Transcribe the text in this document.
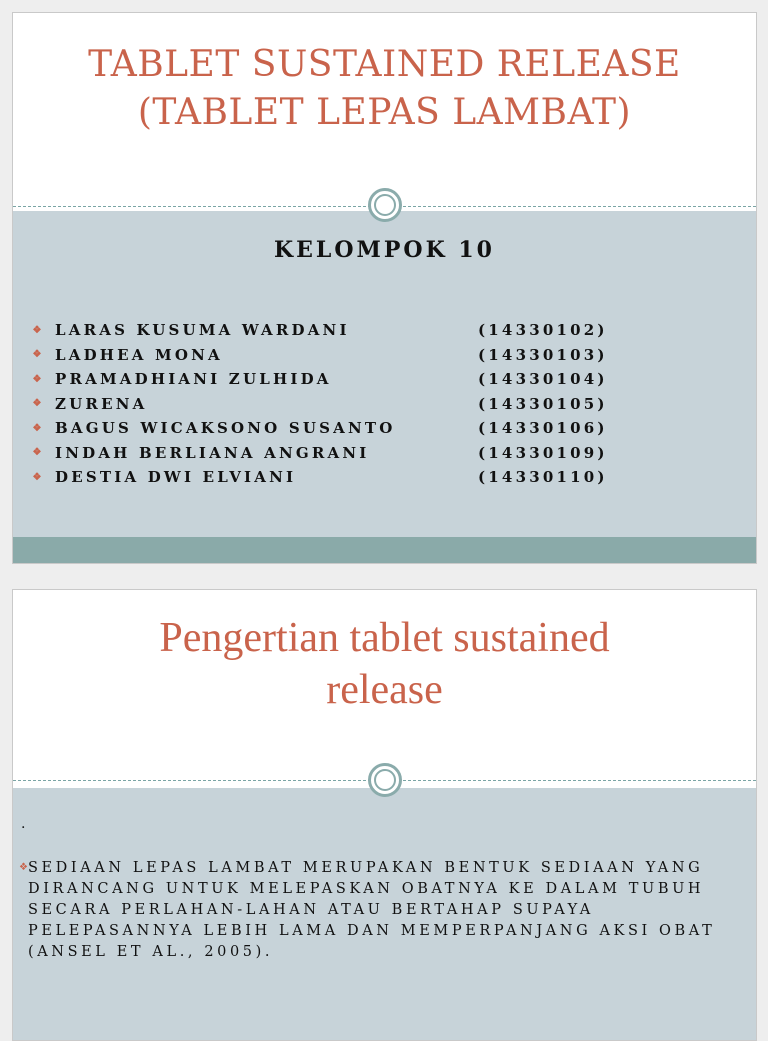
TABLET SUSTAINED RELEASE
(TABLET LEPAS LAMBAT)
KELOMPOK 10
❖ LARAS KUSUMA WARDANI	(14330102)
❖ LADHEA MONA	(14330103)
❖ PRAMADHIANI ZULHIDA	(14330104)
❖ ZURENA	(14330105)
❖ BAGUS WICAKSONO SUSANTO	(14330106)
❖ INDAH BERLIANA ANGRANI	(14330109)
❖ DESTIA DWI ELVIANI	(14330110)
Pengertian tablet sustained
release
.
❖ SEDIAAN LEPAS LAMBAT MERUPAKAN BENTUK SEDIAAN YANG DIRANCANG UNTUK MELEPASKAN OBATNYA KE DALAM TUBUH SECARA PERLAHAN-LAHAN ATAU BERTAHAP SUPAYA PELEPASANNYA LEBIH LAMA DAN MEMPERPANJANG AKSI OBAT (ANSEL ET AL., 2005).
